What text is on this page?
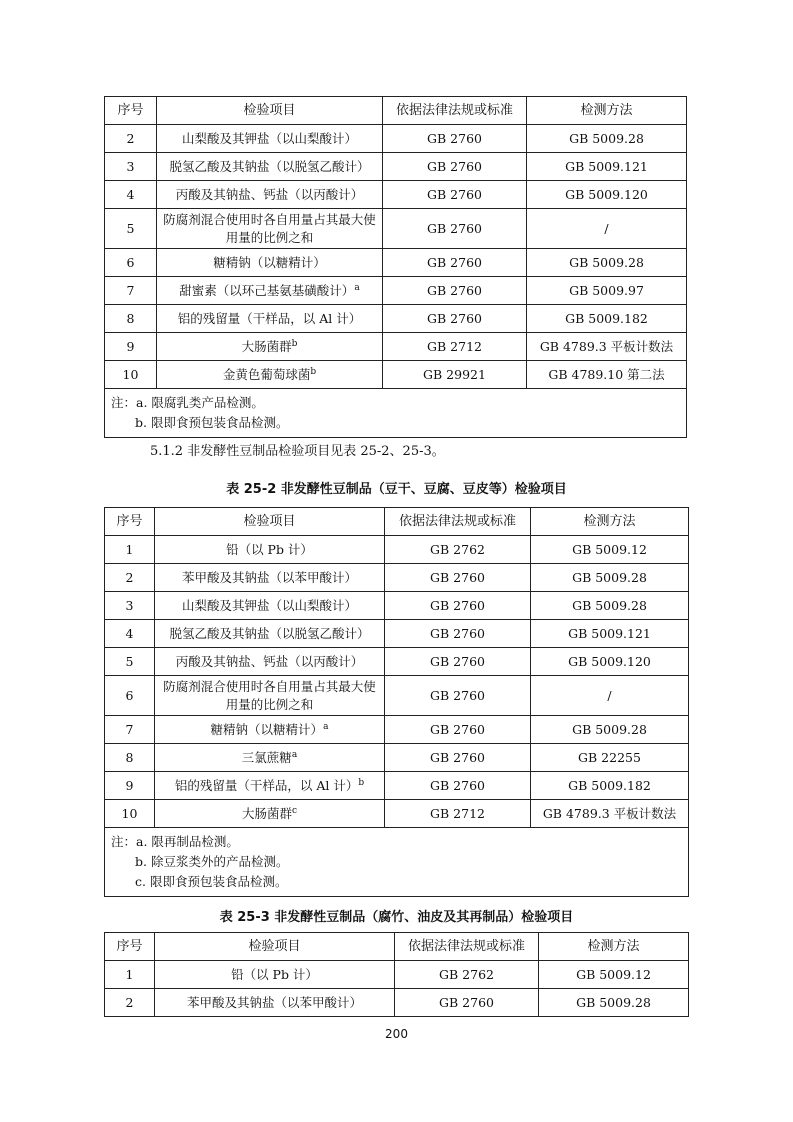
序号	检验项目	依据法律法规或标准	检测方法
2	山梨酸及其钾盐（以山梨酸计）	GB 2760	GB 5009.28
3	脱氢乙酸及其钠盐（以脱氢乙酸计）	GB 2760	GB 5009.121
4	丙酸及其钠盐、钙盐（以丙酸计）	GB 2760	GB 5009.120
5	防腐剂混合使用时各自用量占其最大使用量的比例之和	GB 2760	/
6	糖精钠（以糖精计）	GB 2760	GB 5009.28
7	甜蜜素（以环己基氨基磺酸计）$^a$	GB 2760	GB 5009.97
8	铝的残留量（干样品，以 Al 计）	GB 2760	GB 5009.182
9	大肠菌群$^b$	GB 2712	GB 4789.3 平板计数法
10	金黄色葡萄球菌$^b$	GB 29921	GB 4789.10 第二法

注：a. 限腐乳类产品检测。
b. 限即食预包装食品检测。			
5.1.2 非发酵性豆制品检验项目见表 25-2、25-3。
表 25-2 非发酵性豆制品（豆干、豆腐、豆皮等）检验项目
序号	检验项目	依据法律法规或标准	检测方法
1	铅（以 Pb 计）	GB 2762	GB 5009.12
2	苯甲酸及其钠盐（以苯甲酸计）	GB 2760	GB 5009.28
3	山梨酸及其钾盐（以山梨酸计）	GB 2760	GB 5009.28
4	脱氢乙酸及其钠盐（以脱氢乙酸计）	GB 2760	GB 5009.121
5	丙酸及其钠盐、钙盐（以丙酸计）	GB 2760	GB 5009.120
6	防腐剂混合使用时各自用量占其最大使用量的比例之和	GB 2760	/
7	糖精钠（以糖精计）$^a$	GB 2760	GB 5009.28
8	三氯蔗糖$^a$	GB 2760	GB 22255
9	铝的残留量（干样品，以 Al 计）$^b$	GB 2760	GB 5009.182
10	大肠菌群$^c$	GB 2712	GB 4789.3 平板计数法

注：a. 限再制品检测。
b. 除豆浆类外的产品检测。
c. 限即食预包装食品检测。			
表 25-3 非发酵性豆制品（腐竹、油皮及其再制品）检验项目
序号	检验项目	依据法律法规或标准	检测方法
1	铅（以 Pb 计）	GB 2762	GB 5009.12
2	苯甲酸及其钠盐（以苯甲酸计）	GB 2760	GB 5009.28
200
